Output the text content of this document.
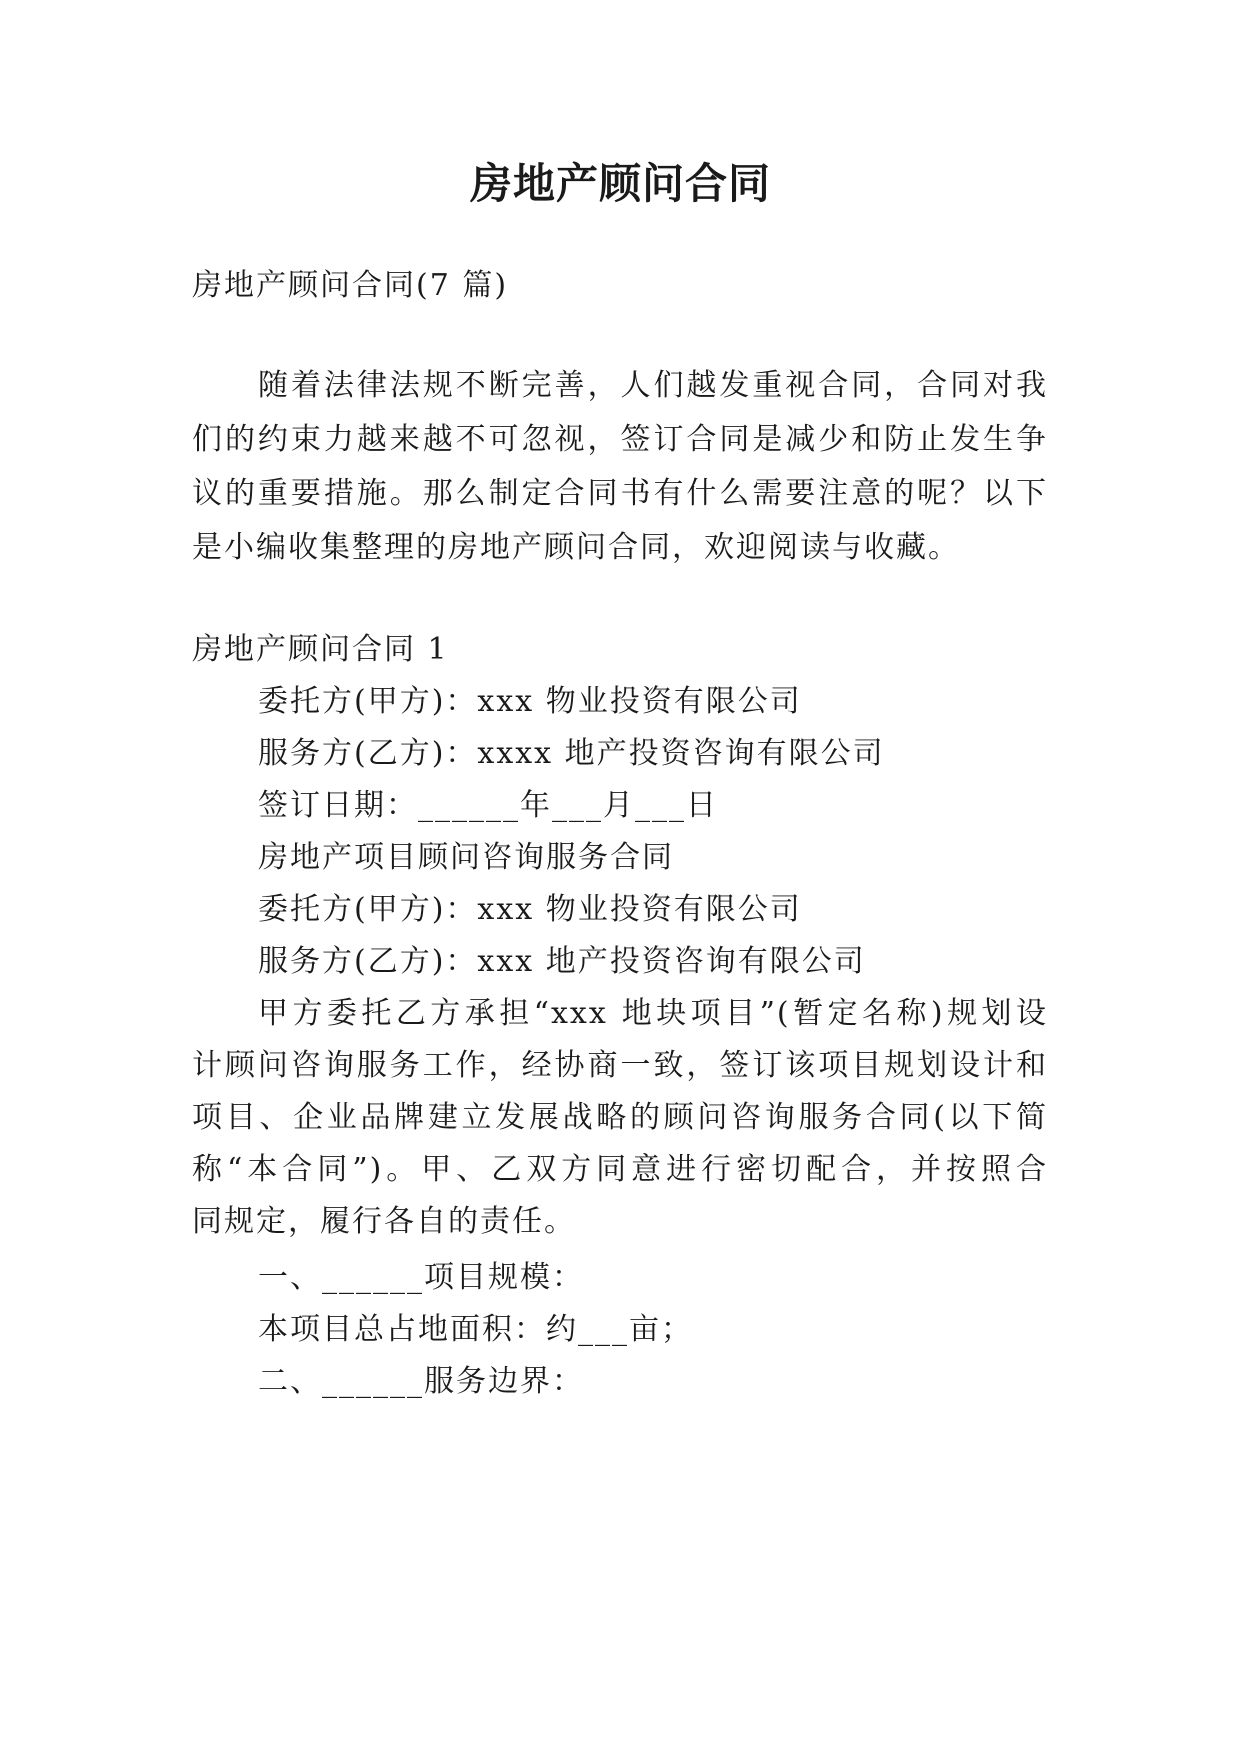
房地产顾问合同
房地产顾问合同(7 篇)
随着法律法规不断完善，人们越发重视合同，合同对我
们的约束力越来越不可忽视，签订合同是减少和防止发生争
议的重要措施。那么制定合同书有什么需要注意的呢？以下
是小编收集整理的房地产顾问合同，欢迎阅读与收藏。
房地产顾问合同 1
委托方(甲方)：xxx 物业投资有限公司
服务方(乙方)：xxxx 地产投资咨询有限公司
签订日期：______年___月___日
房地产项目顾问咨询服务合同
委托方(甲方)：xxx 物业投资有限公司
服务方(乙方)：xxx 地产投资咨询有限公司
甲方委托乙方承担“xxx 地块项目”(暂定名称)规划设
计顾问咨询服务工作，经协商一致，签订该项目规划设计和
项目、企业品牌建立发展战略的顾问咨询服务合同(以下简
称“本合同”)。甲、乙双方同意进行密切配合，并按照合
同规定，履行各自的责任。
一、______项目规模：
本项目总占地面积：约___亩；
二、______服务边界：
